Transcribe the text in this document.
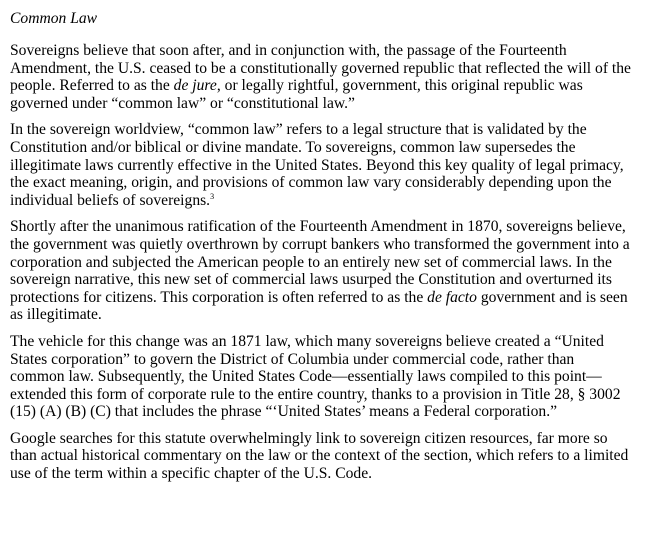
Common Law

Sovereigns believe that soon after, and in conjunction with, the passage of the Fourteenth Amendment, the U.S. ceased to be a constitutionally governed republic that reflected the will of the people. Referred to as the de jure, or legally rightful, government, this original republic was governed under “common law” or “constitutional law.”

In the sovereign worldview, “common law” refers to a legal structure that is validated by the Constitution and/or biblical or divine mandate. To sovereigns, common law supersedes the illegitimate laws currently effective in the United States. Beyond this key quality of legal primacy, the exact meaning, origin, and provisions of common law vary considerably depending upon the individual beliefs of sovereigns.$^3$

Shortly after the unanimous ratification of the Fourteenth Amendment in 1870, sovereigns believe, the government was quietly overthrown by corrupt bankers who transformed the government into a corporation and subjected the American people to an entirely new set of commercial laws. In the sovereign narrative, this new set of commercial laws usurped the Constitution and overturned its protections for citizens. This corporation is often referred to as the de facto government and is seen as illegitimate.

The vehicle for this change was an 1871 law, which many sovereigns believe created a “United States corporation” to govern the District of Columbia under commercial code, rather than common law. Subsequently, the United States Code—essentially laws compiled to this point—extended this form of corporate rule to the entire country, thanks to a provision in Title 28, § 3002 (15) (A) (B) (C) that includes the phrase “‘United States’ means a Federal corporation.”

Google searches for this statute overwhelmingly link to sovereign citizen resources, far more so than actual historical commentary on the law or the context of the section, which refers to a limited use of the term within a specific chapter of the U.S. Code.
